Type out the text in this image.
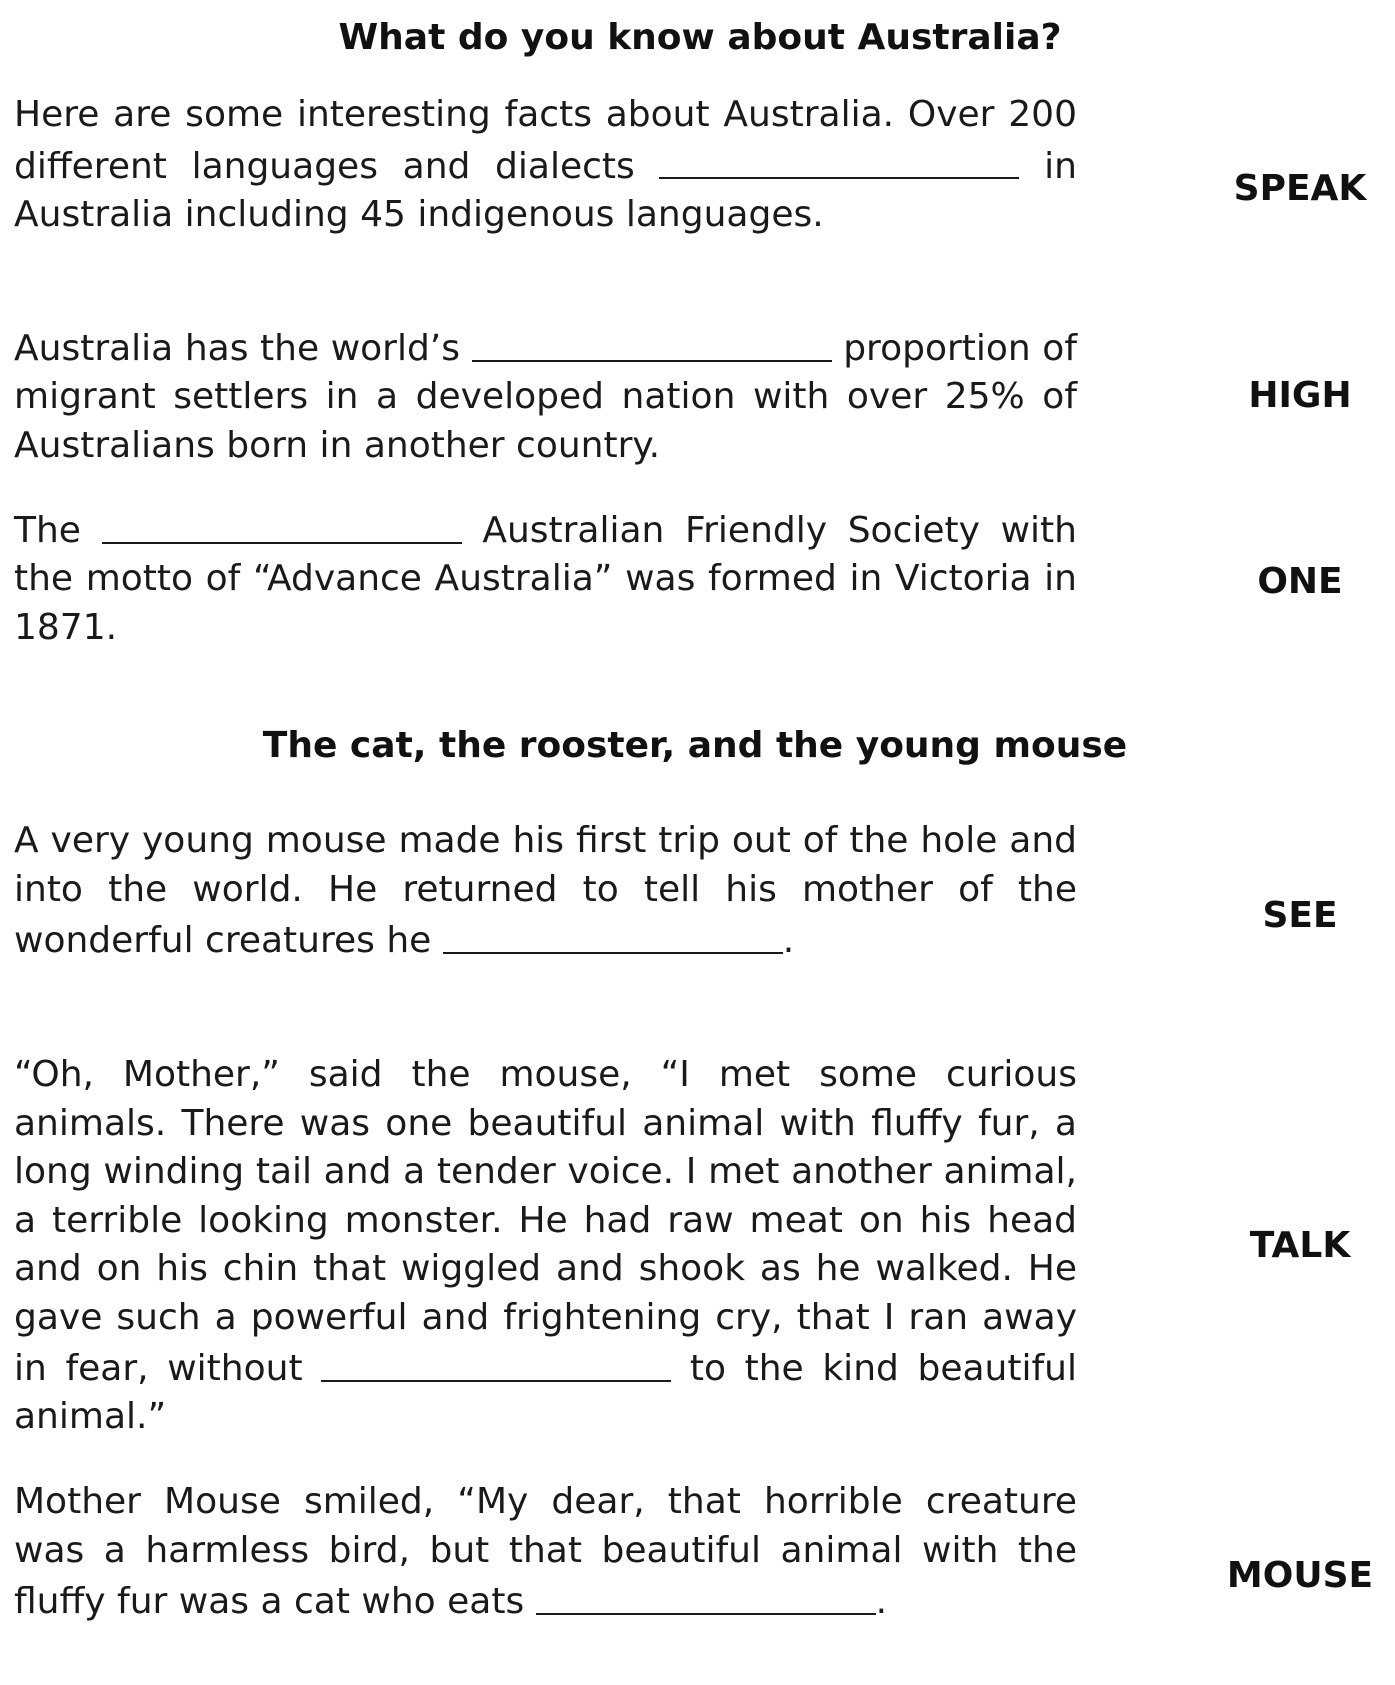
What do you know about Australia?

Here are some interesting facts about Australia. Over 200 different languages and dialects	in Australia including 45 indigenous languages.

SPEAK

Australia has the world’s	proportion of migrant settlers in a developed nation with over 25% of Australians born in another country.

HIGH

The	Australian Friendly Society with the motto of “Advance Australia” was formed in Victoria in 1871.

ONE
The cat, the rooster, and the young mouse

A very young mouse made his first trip out of the hole and into the world. He returned to tell his mother of the wonderful creatures he	.

SEE

“Oh, Mother,” said the mouse, “I met some curious animals. There was one beautiful animal with fluffy fur, a long winding tail and a tender voice. I met another animal, a terrible looking monster. He had raw meat on his head and on his chin that wiggled and shook as he walked. He gave such a powerful and frightening cry, that I ran away in fear, without	to the kind beautiful animal.”

TALK

Mother Mouse smiled, “My dear, that horrible creature was a harmless bird, but that beautiful animal with the fluffy fur was a cat who eats	.

MOUSE
